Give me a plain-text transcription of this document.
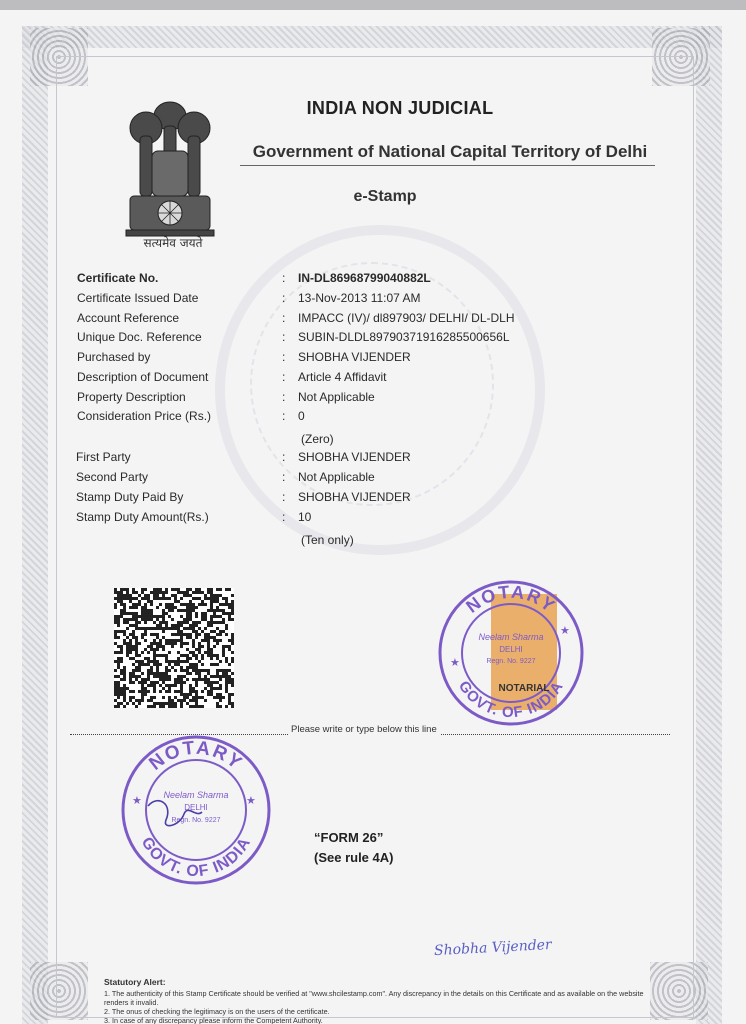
सत्यमेव जयते
INDIA NON JUDICIAL
Government of National Capital Territory of Delhi
e-Stamp
Certificate No.	: IN-DL86968799040882L
Certificate Issued Date	: 13-Nov-2013 11:07 AM
Account Reference	: IMPACC (IV)/ dl897903/ DELHI/ DL-DLH
Unique Doc. Reference	: SUBIN-DLDL89790371916285500656L
Purchased by	: SHOBHA VIJENDER
Description of Document	: Article 4 Affidavit
Property Description	: Not Applicable
Consideration Price (Rs.)	: 0
(Zero)
First Party	: SHOBHA VIJENDER
Second Party	: Not Applicable
Stamp Duty Paid By	: SHOBHA VIJENDER
Stamp Duty Amount(Rs.)	: 10
(Ten only)
NOTARY
GOVT. OF INDIA
Neelam Sharma
DELHI
Regn. No. 9227
NOTARIAL
★
★
Please write or type below this line
NOTARY
GOVT. OF INDIA
Neelam Sharma
DELHI
Regn. No. 9227
★	★
“FORM 26”
(See rule 4A)
Shobha Vijender
Statutory Alert:
1. The authenticity of this Stamp Certificate should be verified at "www.shcilestamp.com". Any discrepancy in the details on this Certificate and as available on the website renders it invalid.
2. The onus of checking the legitimacy is on the users of the certificate.
3. In case of any discrepancy please inform the Competent Authority.
